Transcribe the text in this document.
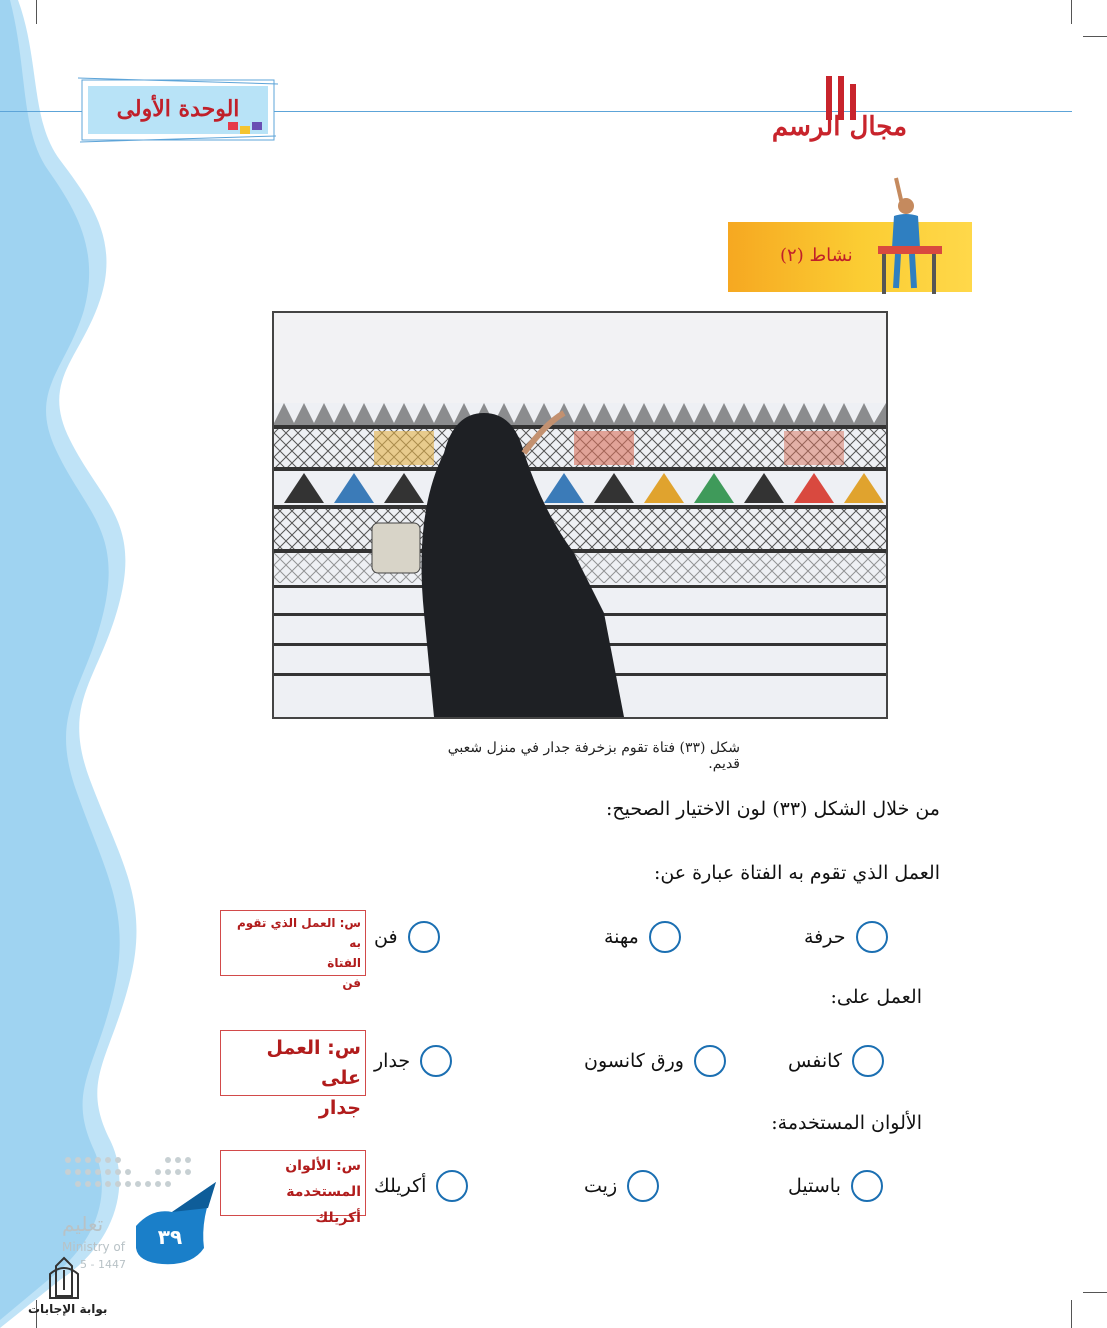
الوحدة الأولى
مجال الرسم
نشاط (٢)
شكل (٣٣) فتاة تقوم بزخرفة جدار في منزل شعبي قديم.
من خلال الشكل (٣٣) لون الاختيار الصحيح:
العمل الذي تقوم به الفتاة عبارة عن:
حرفة
مهنة
فن
س: العمل الذي تقوم به
الفتاة
فن
العمل على:
كانفس
ورق كانسون
جدار
س: العمل على
جدار
الألوان المستخدمة:
باستيل
زيت
أكريلك
س: الألوان المستخدمة
أكريلك
تعليم
Ministry of
5 - 1447
٣٩
بوابة الإجابات
